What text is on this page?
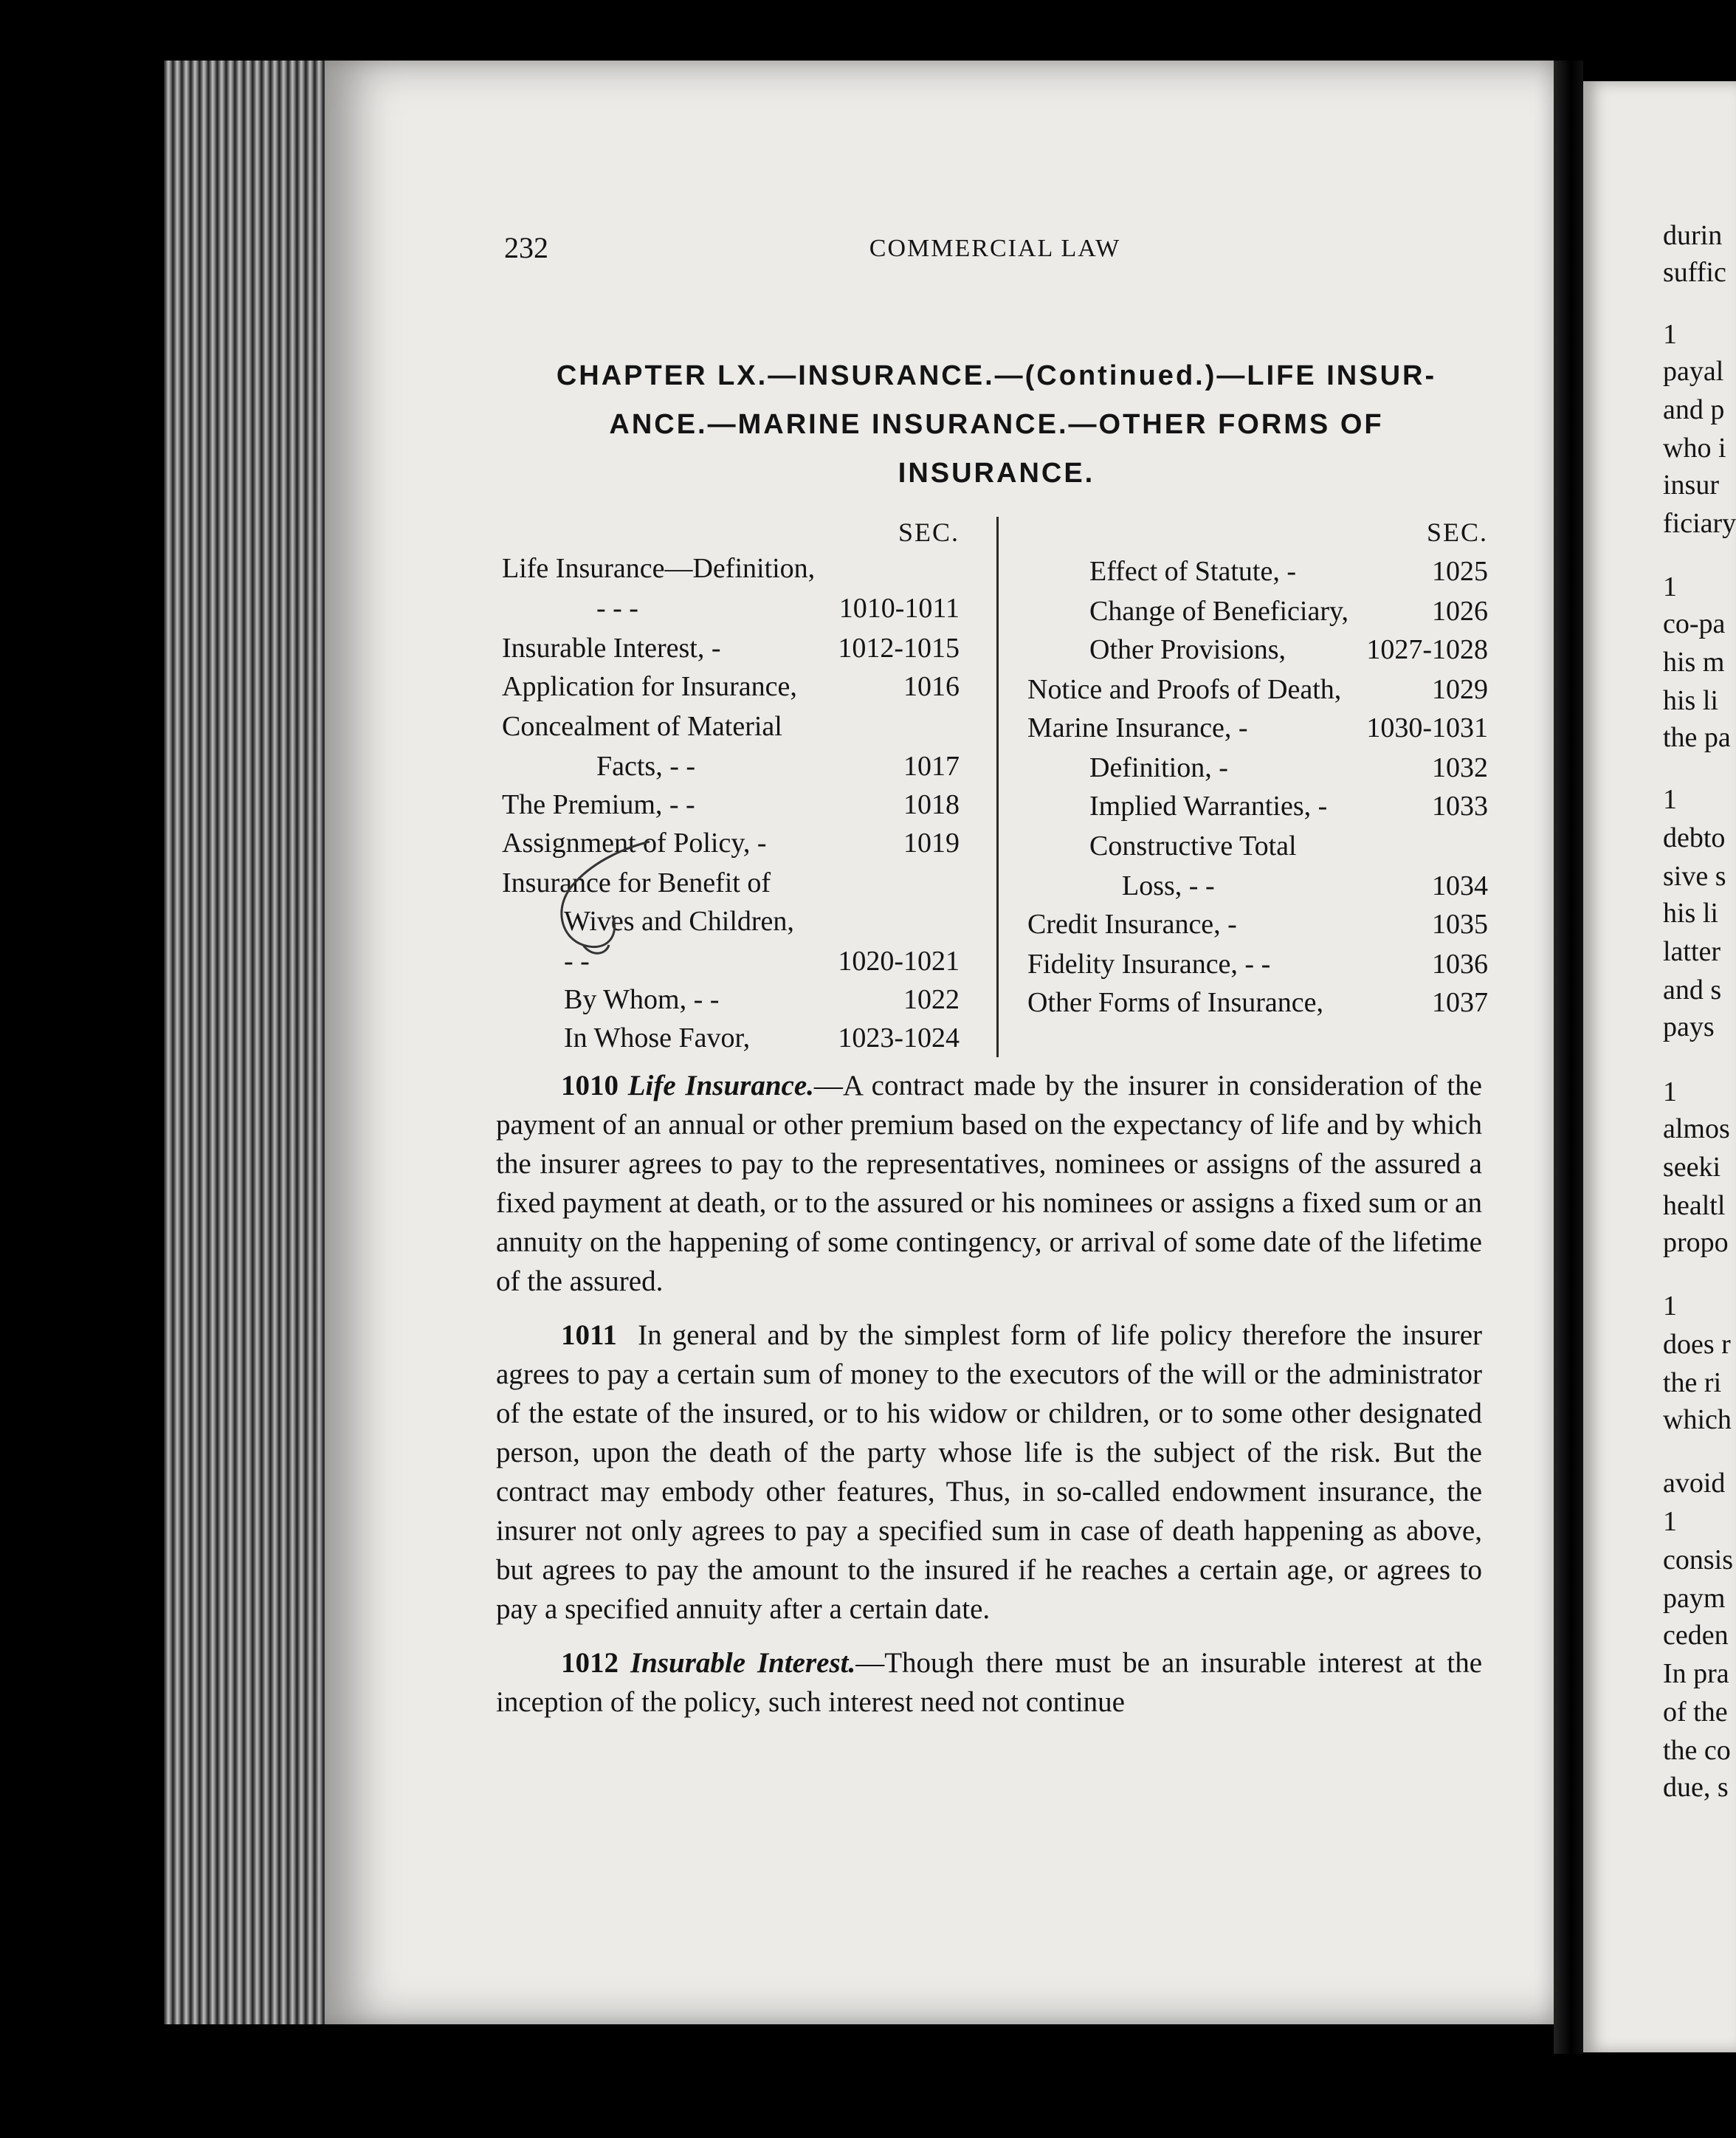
232	COMMERCIAL LAW
CHAPTER LX.—INSURANCE.—(Continued.)—LIFE INSUR-
ANCE.—MARINE INSURANCE.—OTHER FORMS OF
INSURANCE.
SEC.
Life Insurance—Definition,
- - -	1010-1011
Insurable Interest, -	1012-1015
Application for Insurance,	1016
Concealment of Material
Facts, - -	1017
The Premium, - -	1018
Assignment of Policy, -	1019
Insurance for Benefit of
Wives and Children,
- -	1020-1021
By Whom, - -	1022
In Whose Favor,	1023-1024
SEC.
Effect of Statute, -	1025
Change of Beneficiary,	1026
Other Provisions,	1027-1028
Notice and Proofs of Death,	1029
Marine Insurance, -	1030-1031
Definition, -	1032
Implied Warranties, -	1033
Constructive Total
Loss, - -	1034
Credit Insurance, -	1035
Fidelity Insurance, - -	1036
Other Forms of Insurance,	1037

1010 Life Insurance.—A contract made by the insurer in consideration of the payment of an annual or other premium based on the expectancy of life and by which the insurer agrees to pay to the representatives, nominees or assigns of the assured a fixed payment at death, or to the assured or his nominees or assigns a fixed sum or an annuity on the happening of some contingency, or arrival of some date of the lifetime of the assured.

1011 In general and by the simplest form of life policy therefore the insurer agrees to pay a certain sum of money to the executors of the will or the administrator of the estate of the insured, or to his widow or children, or to some other designated person, upon the death of the party whose life is the subject of the risk. But the contract may embody other features, Thus, in so-called endowment insurance, the insurer not only agrees to pay a specified sum in case of death happening as above, but agrees to pay the amount to the insured if he reaches a certain age, or agrees to pay a specified annuity after a certain date.

1012 Insurable Interest.—Though there must be an insurable interest at the inception of the policy, such interest need not continue

durin
suffic
1
payal
and p
who i
insur
ficiary
1
co-pa
his m
his li
the pa
1
debto
sive s
his li
latter
and s
pays
1
almos
seeki
healtl
propo
1
does r
the ri
which
avoid
1
consis
paym
ceden
In pra
of the
the co
due, s
